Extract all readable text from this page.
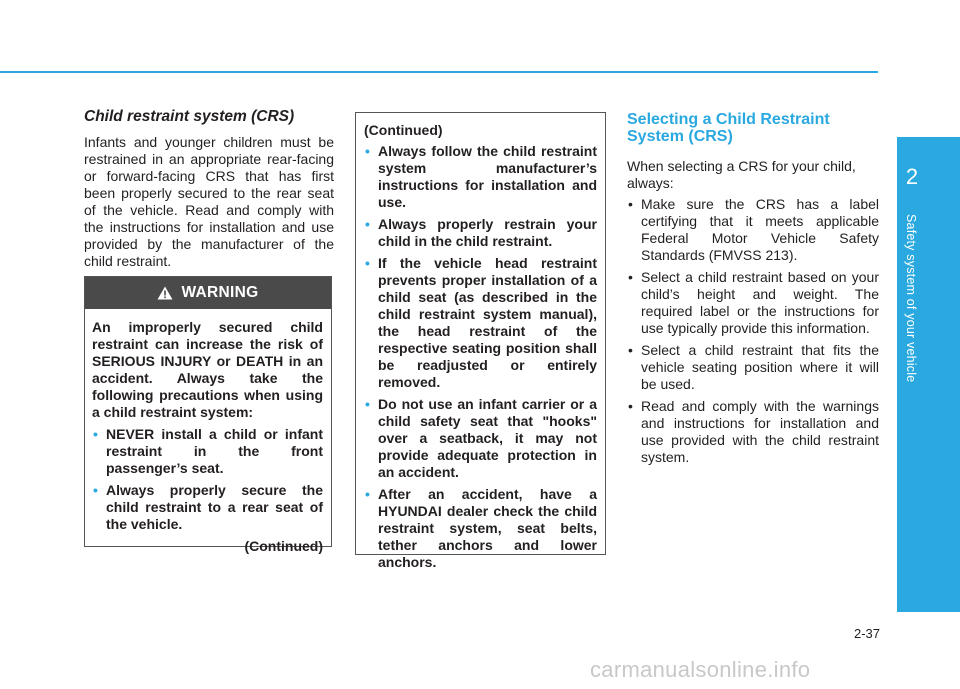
Child restraint system (CRS)

Infants and younger children must be restrained in an appropriate rear-facing or forward-facing CRS that has first been properly secured to the rear seat of the vehicle. Read and comply with the instructions for installation and use provided by the manufacturer of the child restraint.

WARNING

An improperly secured child restraint can increase the risk of SERIOUS INJURY or DEATH in an accident. Always take the following precautions when using a child restraint system:

• NEVER install a child or infant restraint in the front passenger’s seat.
• Always properly secure the child restraint to a rear seat of the vehicle.
(Continued)

(Continued)

• Always follow the child restraint system manufacturer’s instructions for installation and use.
• Always properly restrain your child in the child restraint.
• If the vehicle head restraint prevents proper installation of a child seat (as described in the child restraint system manual), the head restraint of the respective seating position shall be readjusted or entirely removed.
• Do not use an infant carrier or a child safety seat that "hooks" over a seatback, it may not provide adequate protection in an accident.
• After an accident, have a HYUNDAI dealer check the child restraint system, seat belts, tether anchors and lower anchors.
Selecting a Child Restraint System (CRS)

When selecting a CRS for your child, always:

• Make sure the CRS has a label certifying that it meets applicable Federal Motor Vehicle Safety Standards (FMVSS 213).
• Select a child restraint based on your child’s height and weight. The required label or the instructions for use typically provide this information.
• Select a child restraint that fits the vehicle seating position where it will be used.
• Read and comply with the warnings and instructions for installation and use provided with the child restraint system.
2
Safety system of your vehicle
2-37
carmanualsonline.info
